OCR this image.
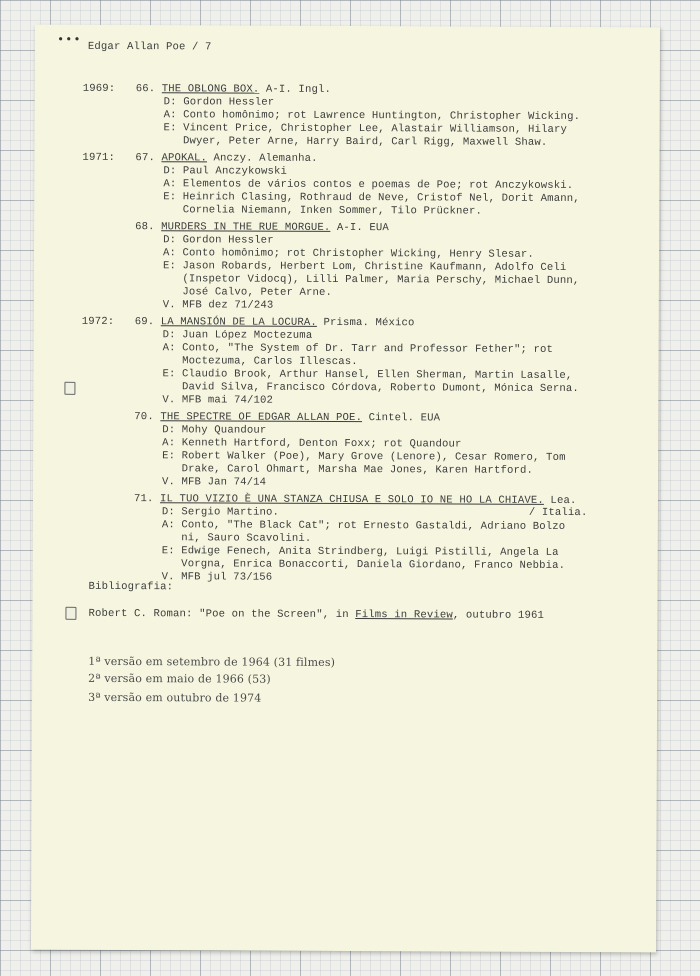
•••
Edgar Allan Poe / 7
1969: 66. THE OBLONG BOX. A-I. Ingl.
D: Gordon Hessler
A: Conto homônimo; rot Lawrence Huntington, Christopher Wicking.
E: Vincent Price, Christopher Lee, Alastair Williamson, Hilary
Dwyer, Peter Arne, Harry Baird, Carl Rigg, Maxwell Shaw.
1971: 67. APOKAL. Anczy. Alemanha.
D: Paul Anczykowski
A: Elementos de vários contos e poemas de Poe; rot Anczykowski.
E: Heinrich Clasing, Rothraud de Neve, Cristof Nel, Dorit Amann,
Cornelia Niemann, Inken Sommer, Tilo Prückner.
68. MURDERS IN THE RUE MORGUE. A-I. EUA
D: Gordon Hessler
A: Conto homônimo; rot Christopher Wicking, Henry Slesar.
E: Jason Robards, Herbert Lom, Christine Kaufmann, Adolfo Celi
(Inspetor Vidocq), Lilli Palmer, Maria Perschy, Michael Dunn,
José Calvo, Peter Arne.
V. MFB dez 71/243
1972: 69. LA MANSIÓN DE LA LOCURA. Prisma. México
D: Juan López Moctezuma
A: Conto, "The System of Dr. Tarr and Professor Fether"; rot
Moctezuma, Carlos Illescas.
E: Claudio Brook, Arthur Hansel, Ellen Sherman, Martin Lasalle,
David Silva, Francisco Córdova, Roberto Dumont, Mónica Serna.
V. MFB mai 74/102
70. THE SPECTRE OF EDGAR ALLAN POE. Cintel. EUA
D: Mohy Quandour
A: Kenneth Hartford, Denton Foxx; rot Quandour
E: Robert Walker (Poe), Mary Grove (Lenore), Cesar Romero, Tom
Drake, Carol Ohmart, Marsha Mae Jones, Karen Hartford.
V. MFB Jan 74/14
71. IL TUO VIZIO È UNA STANZA CHIUSA E SOLO IO NE HO LA CHIAVE. Lea.
/ Italia.
D: Sergio Martino.
A: Conto, "The Black Cat"; rot Ernesto Gastaldi, Adriano Bolzo
ni, Sauro Scavolini.
E: Edwige Fenech, Anita Strindberg, Luigi Pistilli, Angela La
Vorgna, Enrica Bonaccorti, Daniela Giordano, Franco Nebbia.
V. MFB jul 73/156
Bibliografia:
Robert C. Roman: "Poe on the Screen", in Films in Review, outubro 1961
1ª versão em setembro de 1964 (31 filmes)
2ª versão em maio de 1966 (53)
3ª versão em outubro de 1974
